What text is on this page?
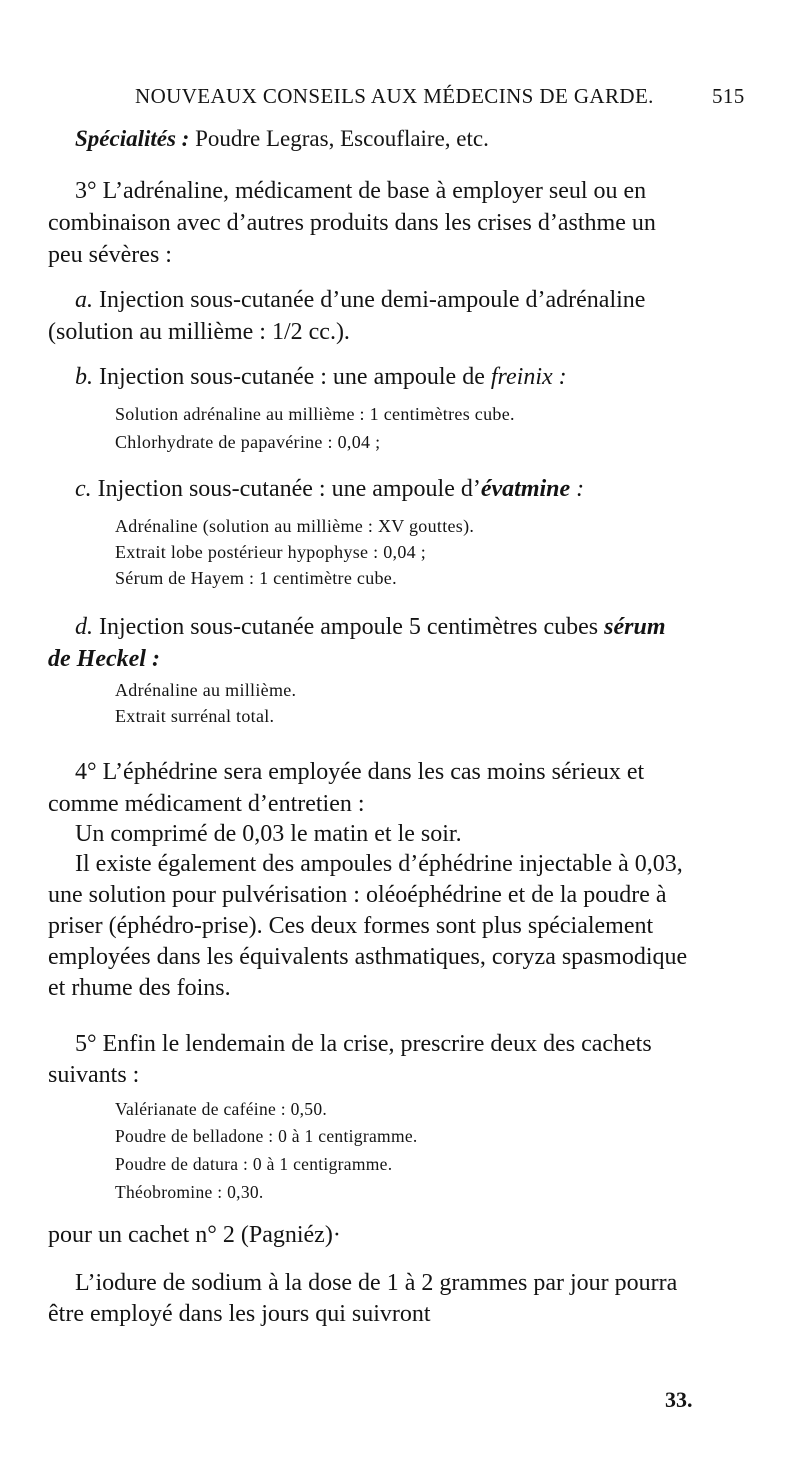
NOUVEAUX CONSEILS AUX MÉDECINS DE GARDE.	515
Spécialités : Poudre Legras, Escouflaire, etc.
3° L’adrénaline, médicament de base à employer seul ou en
combinaison avec d’autres produits dans les crises d’asthme un
peu sévères :
a. Injection sous-cutanée d’une demi-ampoule d’adrénaline
(solution au millième : 1/2 cc.).
b. Injection sous-cutanée : une ampoule de freinix :
Solution adrénaline au millième : 1 centimètres cube.
Chlorhydrate de papavérine : 0,04 ;
c. Injection sous-cutanée : une ampoule d’évatmine :
Adrénaline (solution au millième : XV gouttes).
Extrait lobe postérieur hypophyse : 0,04 ;
Sérum de Hayem : 1 centimètre cube.
d. Injection sous-cutanée ampoule 5 centimètres cubes sérum
de Heckel :
Adrénaline au millième.
Extrait surrénal total.
4° L’éphédrine sera employée dans les cas moins sérieux et
comme médicament d’entretien :
Un comprimé de 0,03 le matin et le soir.
Il existe également des ampoules d’éphédrine injectable à 0,03,
une solution pour pulvérisation : oléoéphédrine et de la poudre à
priser (éphédro-prise). Ces deux formes sont plus spécialement
employées dans les équivalents asthmatiques, coryza spasmodique
et rhume des foins.
5° Enfin le lendemain de la crise, prescrire deux des cachets
suivants :
Valérianate de caféine : 0,50.
Poudre de belladone : 0 à 1 centigramme.
Poudre de datura : 0 à 1 centigramme.
Théobromine : 0,30.
pour un cachet n° 2 (Pagniéz)·
L’iodure de sodium à la dose de 1 à 2 grammes par jour pourra
être employé dans les jours qui suivront
33.
